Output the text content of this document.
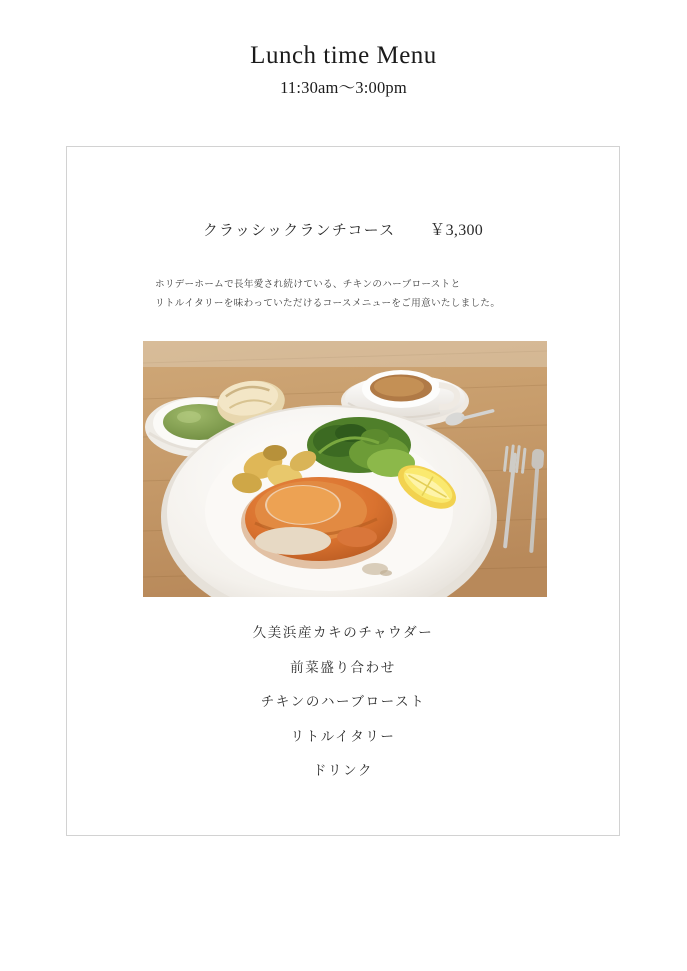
Lunch time Menu
11:30am～3:00pm
クラッシックランチコース ￥3,300
ホリデーホームで長年愛され続けている、チキンのハーブローストと
リトルイタリーを味わっていただけるコースメニューをご用意いたしました。
久美浜産カキのチャウダー
前菜盛り合わせ
チキンのハーブロースト
リトルイタリー
ドリンク
